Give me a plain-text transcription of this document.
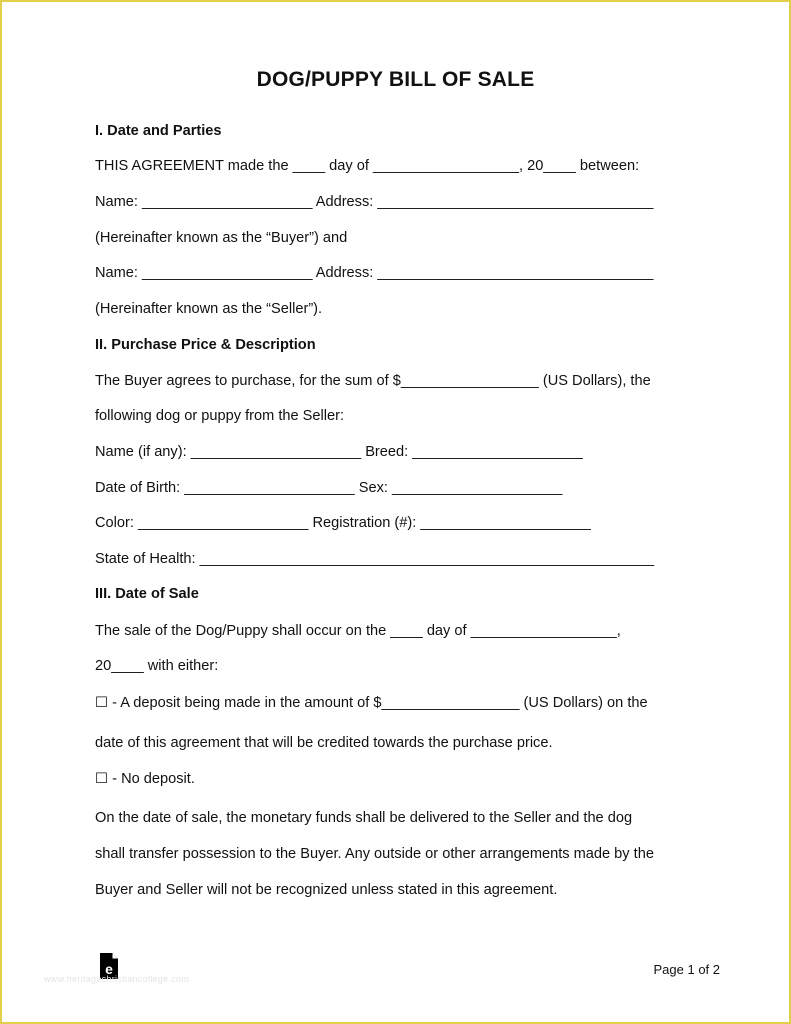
DOG/PUPPY BILL OF SALE
I. Date and Parties
THIS AGREEMENT made the ____ day of __________________, 20____ between:
Name: _____________________ Address: __________________________________
(Hereinafter known as the “Buyer”) and
Name: _____________________ Address: __________________________________
(Hereinafter known as the “Seller”).
II. Purchase Price & Description
The Buyer agrees to purchase, for the sum of $_________________ (US Dollars), the
following dog or puppy from the Seller:
Name (if any): _____________________ Breed: _____________________
Date of Birth: _____________________ Sex: _____________________
Color: _____________________ Registration (#): _____________________
State of Health: ________________________________________________________
III. Date of Sale
The sale of the Dog/Puppy shall occur on the ____ day of __________________,
20____ with either:
☐ - A deposit being made in the amount of $_________________ (US Dollars) on the
date of this agreement that will be credited towards the purchase price.
☐ - No deposit.
On the date of sale, the monetary funds shall be delivered to the Seller and the dog
shall transfer possession to the Buyer. Any outside or other arrangements made by the
Buyer and Seller will not be recognized unless stated in this agreement.
e
www.heritagechristiancollege.com
Page 1 of 2
